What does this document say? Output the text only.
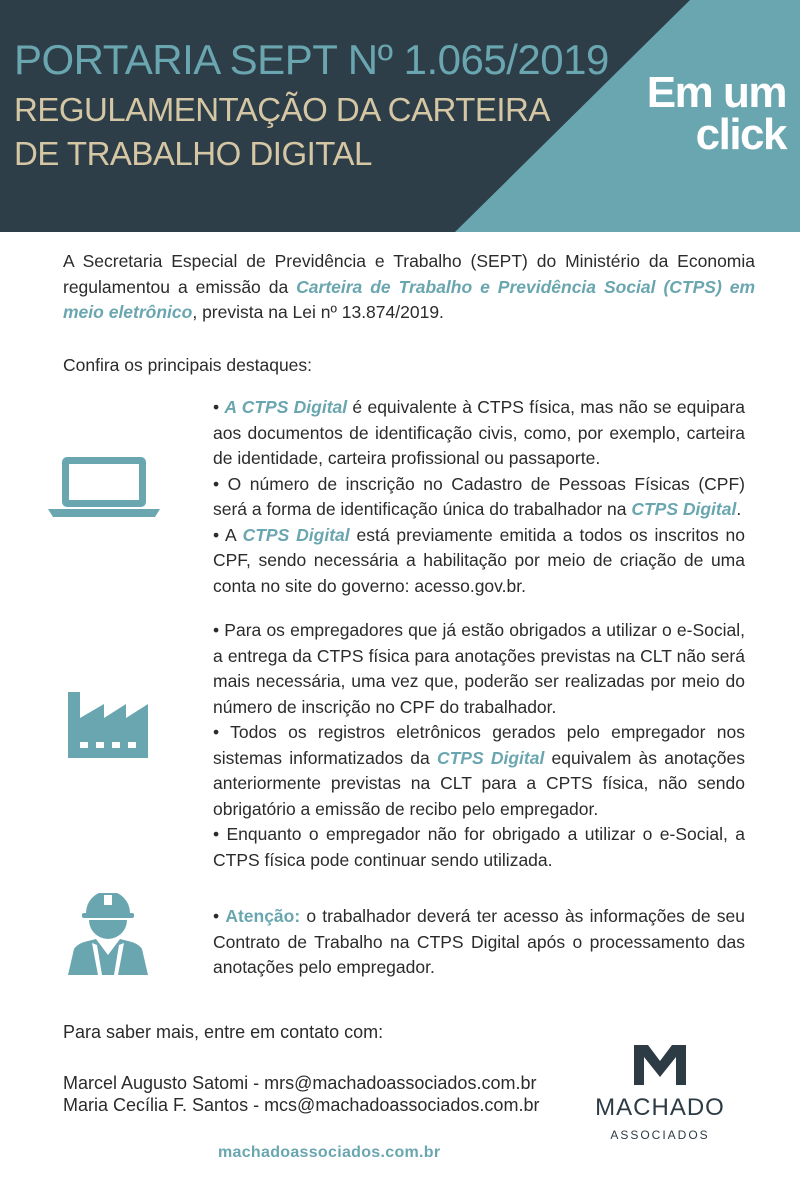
PORTARIA SEPT Nº 1.065/2019
REGULAMENTAÇÃO DA CARTEIRA
DE TRABALHO DIGITAL
Em um
click
A Secretaria Especial de Previdência e Trabalho (SEPT) do Ministério da Economia regulamentou a emissão da Carteira de Trabalho e Previdência Social (CTPS) em meio eletrônico, prevista na Lei nº 13.874/2019.
Confira os principais destaques:

• A CTPS Digital é equivalente à CTPS física, mas não se equipara aos documentos de identificação civis, como, por exemplo, carteira de identidade, carteira profissional ou passaporte.

• O número de inscrição no Cadastro de Pessoas Físicas (CPF) será a forma de identificação única do trabalhador na CTPS Digital.

• A CTPS Digital está previamente emitida a todos os inscritos no CPF, sendo necessária a habilitação por meio de criação de uma conta no site do governo: acesso.gov.br.

• Para os empregadores que já estão obrigados a utilizar o e-Social, a entrega da CTPS física para anotações previstas na CLT não será mais necessária, uma vez que, poderão ser realizadas por meio do número de inscrição no CPF do trabalhador.

• Todos os registros eletrônicos gerados pelo empregador nos sistemas informatizados da CTPS Digital equivalem às anotações anteriormente previstas na CLT para a CPTS física, não sendo obrigatório a emissão de recibo pelo empregador.

• Enquanto o empregador não for obrigado a utilizar o e-Social, a CTPS física pode continuar sendo utilizada.

• Atenção: o trabalhador deverá ter acesso às informações de seu Contrato de Trabalho na CTPS Digital após o processamento das anotações pelo empregador.

Para saber mais, entre em contato com:
Marcel Augusto Satomi - mrs@machadoassociados.com.br
Maria Cecília F. Santos - mcs@machadoassociados.com.br
machadoassociados.com.br
MACHADO
ASSOCIADOS
